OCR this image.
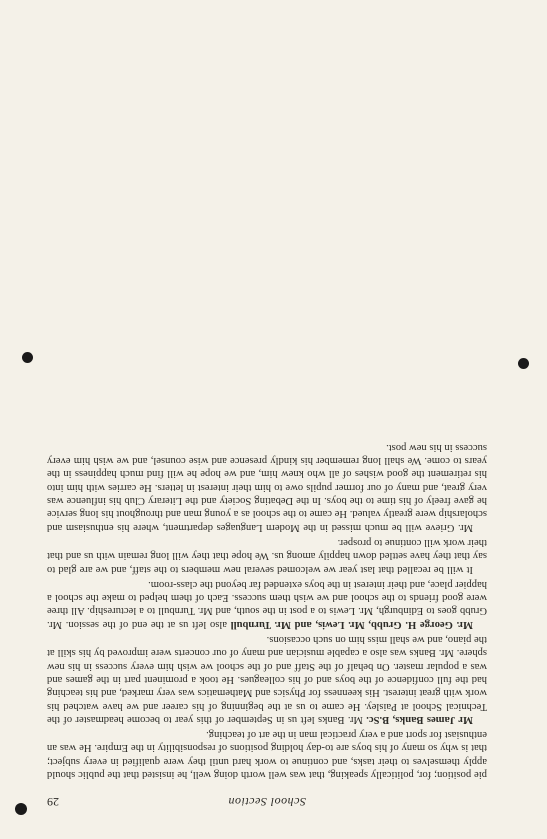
School Section
29

pie position; for, politically speaking, that was well worth doing well, he insisted that the public should apply themselves to their tasks, and continue to work hard until they were qualified in every subject; that is why so many of his boys are to-day holding positions of responsibility in the Empire. He was an enthusiast for sport and a very practical man in the art of teaching.

Mr James Banks, B.Sc. Mr. Banks left us in September of this year to become headmaster of the Technical School at Paisley. He came to us at the beginning of his career and we have watched his work with great interest. His keenness for Physics and Mathematics was very marked, and his teaching had the full confidence of the boys and of his colleagues. He took a prominent part in the games and was a popular master. On behalf of the Staff and of the school we wish him every success in his new sphere. Mr. Banks was also a capable musician and many of our concerts were improved by his skill at the piano, and we shall miss him on such occasions.

Mr. George H. Grubb, Mr. Lewis, and Mr. Turnbull also left us at the end of the session. Mr. Grubb goes to Edinburgh, Mr. Lewis to a post in the south, and Mr. Turnbull to a lectureship. All three were good friends to the school and we wish them success. Each of them helped to make the school a happier place, and their interest in the boys extended far beyond the class-room.

It will be recalled that last year we welcomed several new members to the staff, and we are glad to say that they have settled down happily among us. We hope that they will long remain with us and that their work will continue to prosper.

Mr. Grieve will be much missed in the Modern Languages department, where his enthusiasm and scholarship were greatly valued. He came to the school as a young man and throughout his long service he gave freely of his time to the boys. In the Debating Society and the Literary Club his influence was very great, and many of our former pupils owe to him their interest in letters. He carries with him into his retirement the good wishes of all who knew him, and we hope he will find much happiness in the years to come. We shall long remember his kindly presence and wise counsel, and we wish him every success in his new post.
